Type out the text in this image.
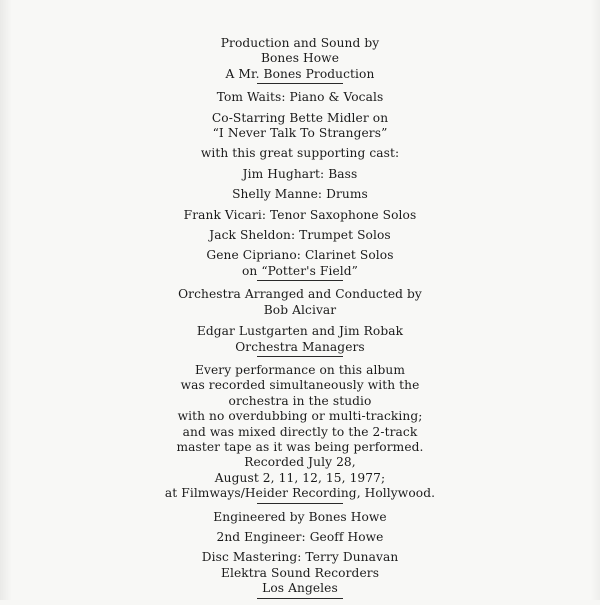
Production and Sound by

Bones Howe

A Mr. Bones Production

Tom Waits: Piano & Vocals

Co-Starring Bette Midler on

“I Never Talk To Strangers”

with this great supporting cast:

Jim Hughart: Bass

Shelly Manne: Drums

Frank Vicari: Tenor Saxophone Solos

Jack Sheldon: Trumpet Solos

Gene Cipriano: Clarinet Solos

on “Potter's Field”

Orchestra Arranged and Conducted by

Bob Alcivar

Edgar Lustgarten and Jim Robak

Orchestra Managers

Every performance on this album

was recorded simultaneously with the

orchestra in the studio

with no overdubbing or multi-tracking;

and was mixed directly to the 2-track

master tape as it was being performed.

Recorded July 28,

August 2, 11, 12, 15, 1977;

at Filmways/Heider Recording, Hollywood.

Engineered by Bones Howe

2nd Engineer: Geoff Howe

Disc Mastering: Terry Dunavan

Elektra Sound Recorders

Los Angeles
